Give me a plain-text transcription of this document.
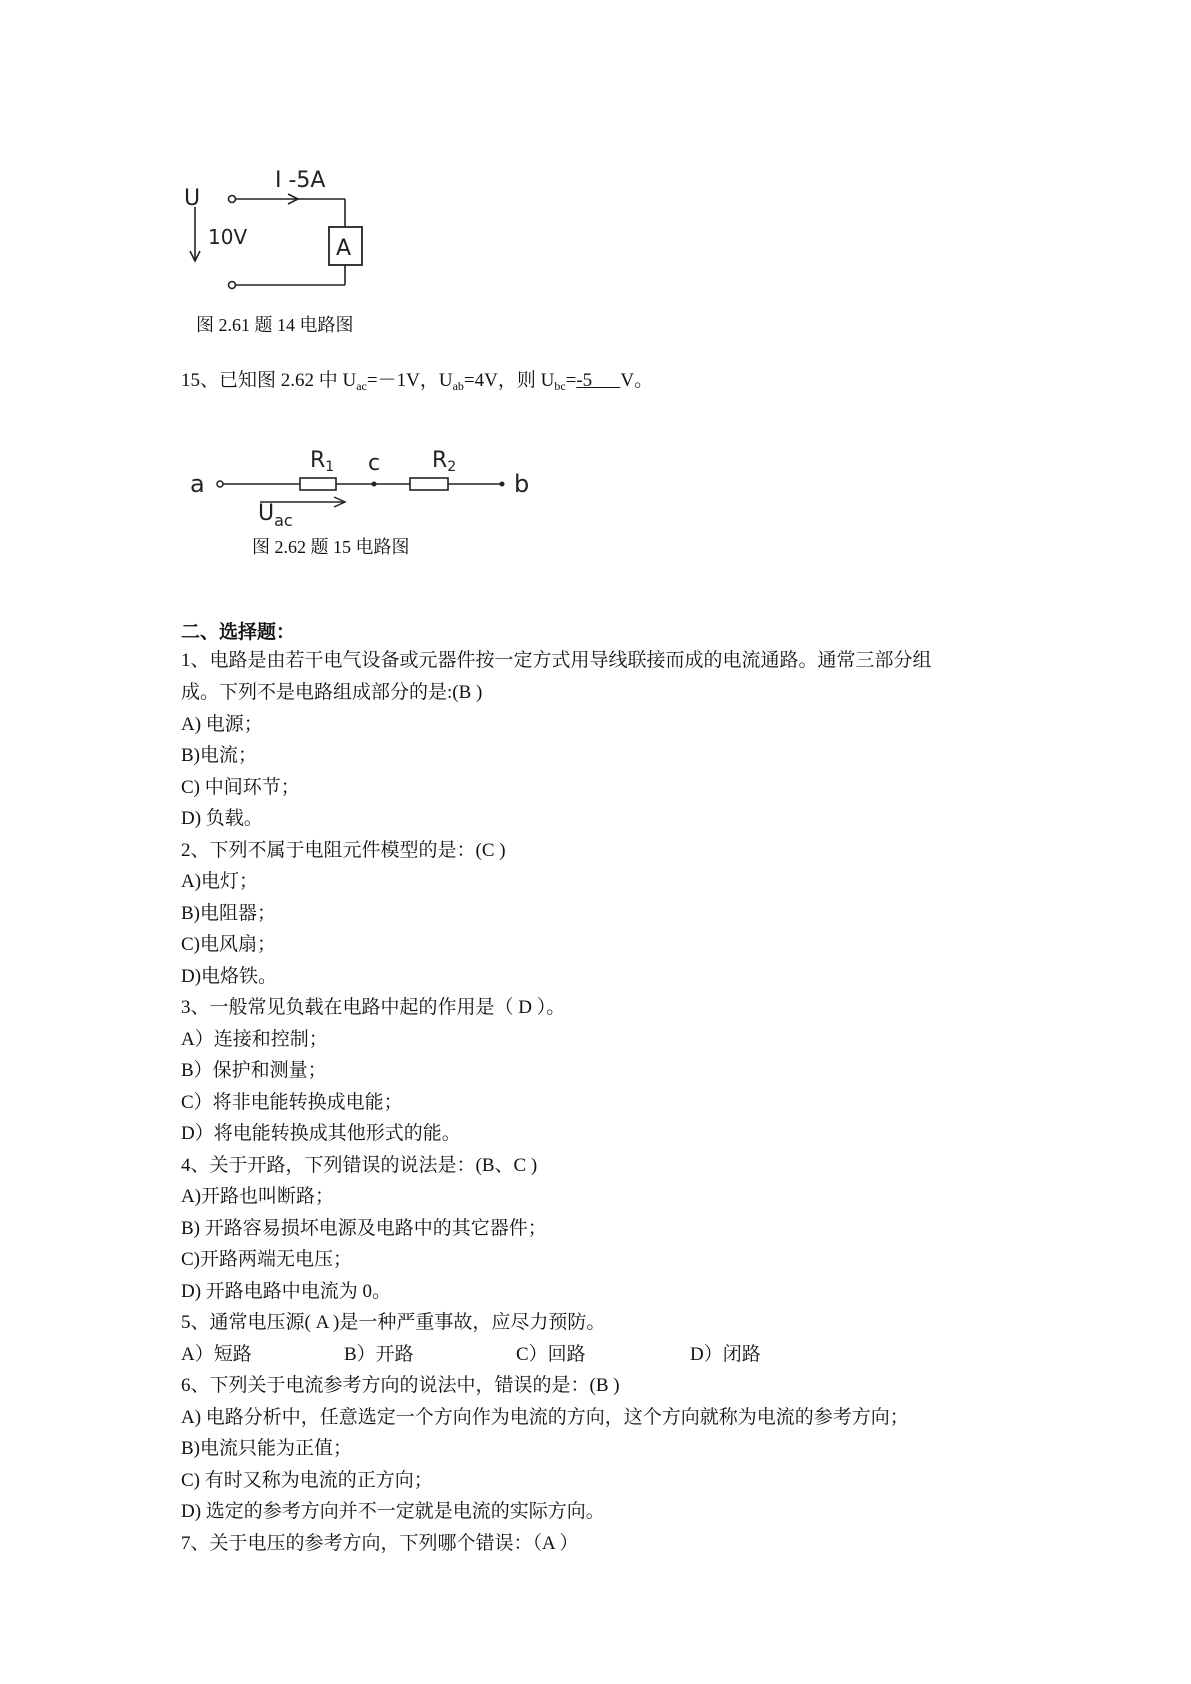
U
10V
I -5A
A
图 2.61 题 14 电路图
15、已知图 2.62 中 $U_{ac}=-1V$，$U_{ab}=4V$，则 $U_{bc}=-5$      V。
a	b
c
R1	R2
$U_{ac}$
图 2.62 题 15 电路图
二、选择题：
1、电路是由若干电气设备或元器件按一定方式用导线联接而成的电流通路。通常三部分组
成。下列不是电路组成部分的是:(B )
A) 电源；
B)电流；
C) 中间环节；
D) 负载。
2、下列不属于电阻元件模型的是：(C )
A)电灯；
B)电阻器；
C)电风扇；
D)电烙铁。
3、一般常见负载在电路中起的作用是（ D ）。
A）连接和控制；
B）保护和测量；
C）将非电能转换成电能；
D）将电能转换成其他形式的能。
4、关于开路，下列错误的说法是：(B、C )
A)开路也叫断路；
B) 开路容易损坏电源及电路中的其它器件；
C)开路两端无电压；
D) 开路电路中电流为 0。
5、通常电压源( A )是一种严重事故，应尽力预防。
A）短路	B）开路	C）回路	D）闭路
6、下列关于电流参考方向的说法中，错误的是：(B )
A) 电路分析中，任意选定一个方向作为电流的方向，这个方向就称为电流的参考方向；
B)电流只能为正值；
C) 有时又称为电流的正方向；
D) 选定的参考方向并不一定就是电流的实际方向。
7、关于电压的参考方向，下列哪个错误：（A ）
